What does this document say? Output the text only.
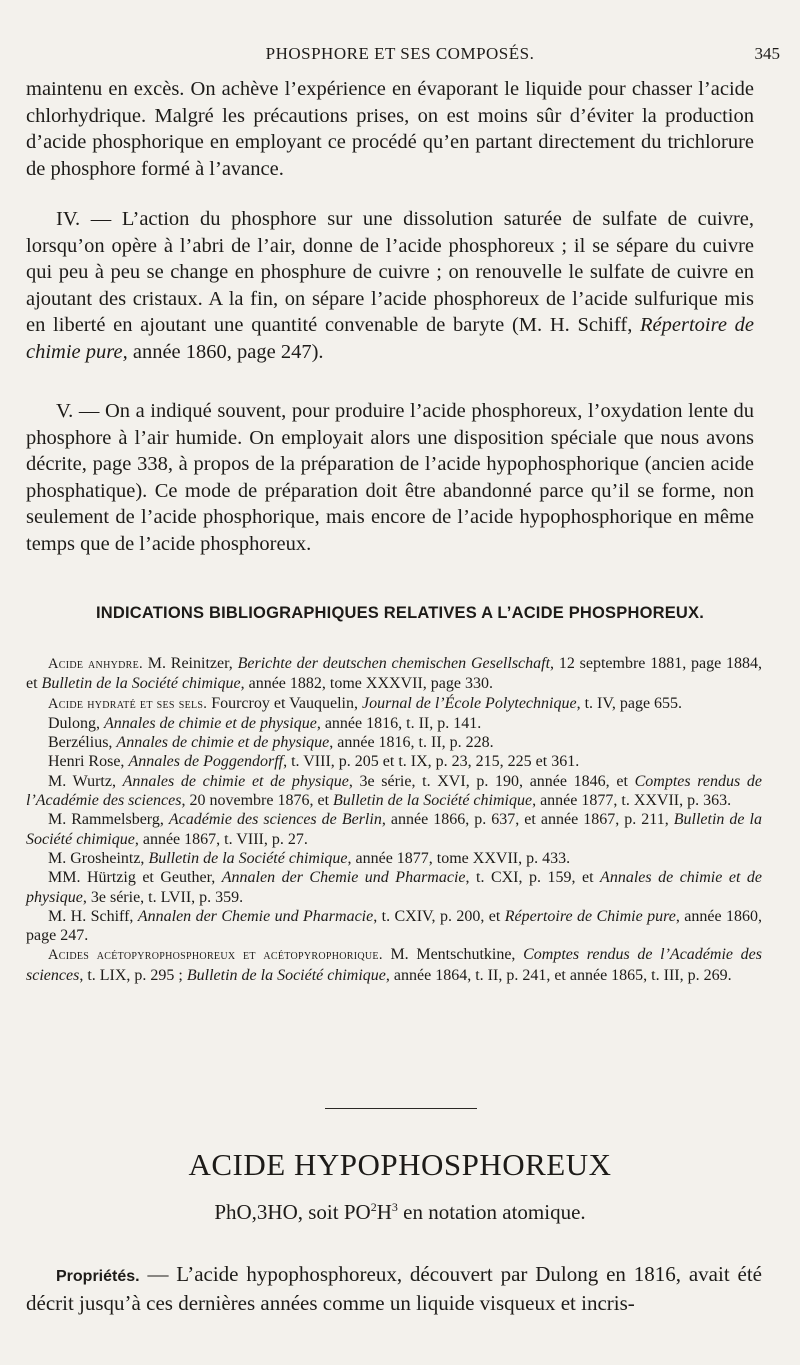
PHOSPHORE ET SES COMPOSÉS.	345

maintenu en excès. On achève l’expérience en évaporant le liquide pour chasser l’acide chlorhydrique. Malgré les précautions prises, on est moins sûr d’éviter la production d’acide phosphorique en employant ce procédé qu’en partant directement du trichlorure de phosphore formé à l’avance.

IV. — L’action du phosphore sur une dissolution saturée de sulfate de cuivre, lorsqu’on opère à l’abri de l’air, donne de l’acide phosphoreux ; il se sépare du cuivre qui peu à peu se change en phosphure de cuivre ; on renouvelle le sulfate de cuivre en ajoutant des cristaux. A la fin, on sépare l’acide phosphoreux de l’acide sulfurique mis en liberté en ajoutant une quantité convenable de baryte (M. H. Schiff, Répertoire de chimie pure, année 1860, page 247).

V. — On a indiqué souvent, pour produire l’acide phosphoreux, l’oxydation lente du phosphore à l’air humide. On employait alors une disposition spéciale que nous avons décrite, page 338, à propos de la préparation de l’acide hypophosphorique (ancien acide phosphatique). Ce mode de préparation doit être abandonné parce qu’il se forme, non seulement de l’acide phosphorique, mais encore de l’acide hypophosphorique en même temps que de l’acide phosphoreux.

INDICATIONS BIBLIOGRAPHIQUES RELATIVES A L’ACIDE PHOSPHOREUX.

Acide anhydre. M. Reinitzer, Berichte der deutschen chemischen Gesellschaft, 12 septembre 1881, page 1884, et Bulletin de la Société chimique, année 1882, tome XXXVII, page 330.

Acide hydraté et ses sels. Fourcroy et Vauquelin, Journal de l’École Polytechnique, t. IV, page 655.

Dulong, Annales de chimie et de physique, année 1816, t. II, p. 141.

Berzélius, Annales de chimie et de physique, année 1816, t. II, p. 228.

Henri Rose, Annales de Poggendorff, t. VIII, p. 205 et t. IX, p. 23, 215, 225 et 361.

M. Wurtz, Annales de chimie et de physique, 3e série, t. XVI, p. 190, année 1846, et Comptes rendus de l’Académie des sciences, 20 novembre 1876, et Bulletin de la Société chimique, année 1877, t. XXVII, p. 363.

M. Rammelsberg, Académie des sciences de Berlin, année 1866, p. 637, et année 1867, p. 211, Bulletin de la Société chimique, année 1867, t. VIII, p. 27.

M. Grosheintz, Bulletin de la Société chimique, année 1877, tome XXVII, p. 433.

MM. Hürtzig et Geuther, Annalen der Chemie und Pharmacie, t. CXI, p. 159, et Annales de chimie et de physique, 3e série, t. LVII, p. 359.

M. H. Schiff, Annalen der Chemie und Pharmacie, t. CXIV, p. 200, et Répertoire de Chimie pure, année 1860, page 247.

Acides acétopyrophosphoreux et acétopyrophorique. M. Mentschutkine, Comptes rendus de l’Académie des sciences, t. LIX, p. 295 ; Bulletin de la Société chimique, année 1864, t. II, p. 241, et année 1865, t. III, p. 269.

ACIDE HYPOPHOSPHOREUX
PhO,3HO, soit $PO^2H^3$ en notation atomique.

Propriétés. — L’acide hypophosphoreux, découvert par Dulong en 1816, avait été décrit jusqu’à ces dernières années comme un liquide visqueux et incris-
